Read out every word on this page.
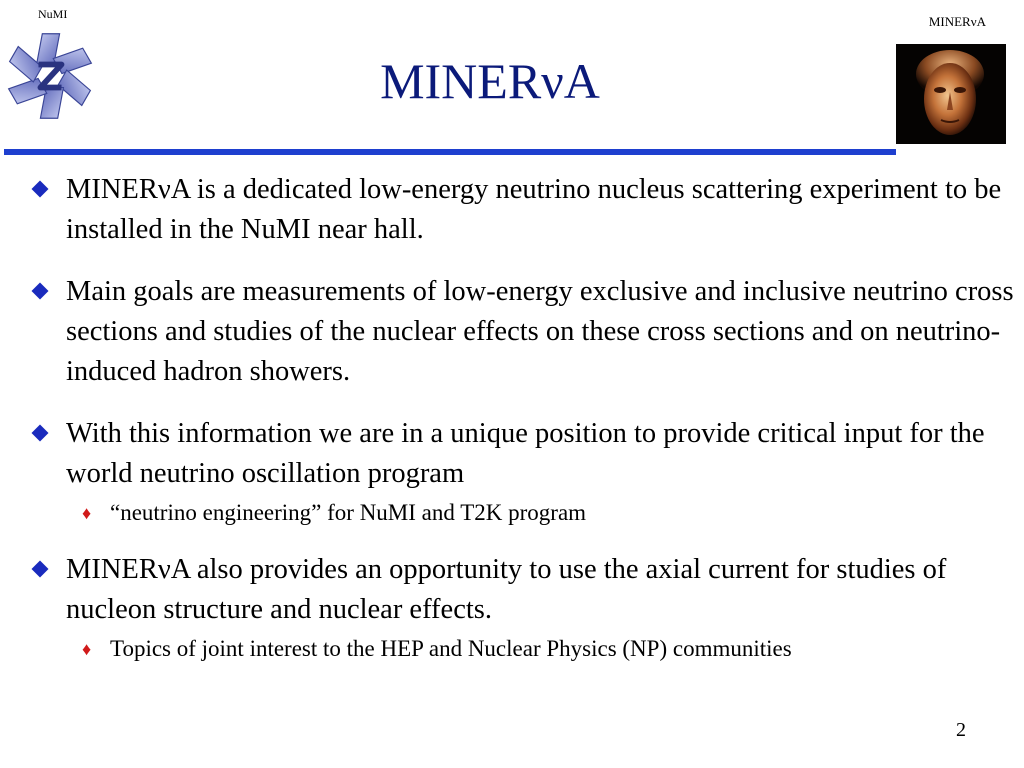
NuMI	MINERνA
MINERνA
MINERνA is a dedicated low-energy neutrino nucleus scattering experiment to be installed in the NuMI near hall.
Main goals are measurements of low-energy exclusive and inclusive neutrino cross sections and studies of the nuclear effects on these cross sections and on neutrino-induced hadron showers.
With this information we are in a unique position to provide critical input for the world neutrino oscillation program
♦ “neutrino engineering” for NuMI and T2K program
MINERνA also provides an opportunity to use the axial current for studies of nucleon structure and nuclear effects.
♦ Topics of joint interest to the HEP and Nuclear Physics (NP) communities
2
